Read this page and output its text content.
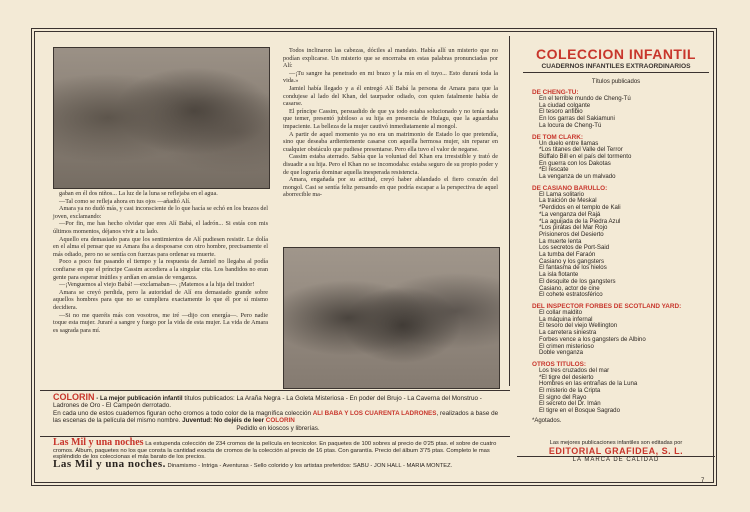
gaban en él dos niños... La luz de la luna se reflejaba en el agua.

—Tal como se refleja ahora en tus ojos —añadió Alí.

Amara ya no dudó más, y casi inconsciente de lo que hacía se echó en los brazos del joven, exclamando:

—Por fin, me has hecho olvidar que eres Alí Babá, el ladrón... Si estás con mis últimos momentos, déjanos vivir a tu lado.

Aquello era demasiado para que los sentimientos de Alí pudiesen resistir. Le dolía en el alma el pensar que su Amara iba a desposarse con otro hombre, precisamente el más odiado, pero no se sentía con fuerzas para ordenar su muerte.

Poco a poco fue pasando el tiempo y la respuesta de Jamiel no llegaba al podía confiarse en que el príncipe Cassim accediera a la singular cita. Los bandidos no eran gente para esperar inútiles y ardían en ansias de venganza.

—¡Venguemos al viejo Babá! —exclamaban—. ¡Matemos a la hija del traidor!

Amara se creyó perdida, pero la autoridad de Alí era demasiado grande sobre aquellos hombres para que no se cumpliera exactamente lo que él por sí mismo decidiera.

—Si no me queréis más con vosotros, me iré —dijo con energía—. Pero nadie toque esta mujer. Juraré a sangre y fuego por la vida de esta mujer. La vida de Amara es sagrada para mí.

Todos inclinaron las cabezas, dóciles al mandato. Había allí un misterio que no podían explicarse. Un misterio que se encerraba en estas palabras pronunciadas por Alí:

—¡Tu sangre ha penetrado en mi brazo y la mía en el tuyo... Esto durará toda la vida.»

Jamiel había llegado y a él entregó Alí Babá la persona de Amara para que la condujese al lado del Khan, del taurpador odiado, con quien fatalmente había de casarse.

El príncipe Cassim, persuadido de que ya todo estaba solucionado y no tenía nada que temer, presentó jubiloso a su hija en presencia de Hulagu, que la aguardaba impaciente. La belleza de la mujer cautivó inmediatamente al mongol.

A partir de aquel momento ya no era un matrimonio de Estado lo que pretendía, sino que deseaba ardientemente casarse con aquella hermosa mujer, sin reparar en cualquier obstáculo que pudiese presentarse. Pero ella tuvo el valor de negarse.

Cassim estaba aterrado. Sabía que la voluntad del Khan era irresistible y trató de disuadir a su hija. Pero el Khan no se incomodaba: estaba seguro de su propio poder y de que lograría dominar aquella inesperada resistencia.

Amara, engañada por su actitud, creyó haber ablandado el fiero corazón del mongol. Casi se sentía feliz pensando en que podría escapar a la perspectiva de aquel aborrecible ma-

COLECCION INFANTIL
CUADERNOS INFANTILES EXTRAORDINARIOS
Títulos publicados
DE CHENG-TU:
En el terrible mundo de Cheng-Tú
La ciudad colgante
El tesoro anfibio
En los garras del Sakiamuni
La locura de Cheng-Tú
DE TOM CLARK:
Un duelo entre llamas
*Los titanes del Valle del Terror
Búffalo Bill en el país del tormento
En guerra con los Dakotas
*El rescate
La venganza de un malvado
DE CASIANO BARULLO:
El Lama solitario
La traición de Meskal
*Perdidos en el templo de Kali
*La venganza del Rajá
*La aguijada de la Piedra Azul
*Los piratas del Mar Rojo
Prisioneros del Desierto
La muerte lenta
Los secretos de Port-Said
La tumba del Faraón
Casiano y los gangsters
El fantasma de los hielos
La isla flotante
El desquite de los gangsters
Casiano, actor de cine
El cohete estratosférico
DEL INSPECTOR FORBES DE SCOTLAND YARD:
El collar maldito
La máquina infernal
El tesoro del viejo Wellington
La carretera siniestra
Forbes vence a los gangsters de Albino
El crimen misterioso
Doble venganza
OTROS TITULOS:
Los tres cruzados del mar
*El tigre del desierto
Hombres en las entrañas de la Luna
El misterio de la Cripta
El signo del Rayo
El secreto del Dr. Imán
El tigre en el Bosque Sagrado
*Agotados.
Las mejores publicaciones infantiles son editadas por
EDITORIAL GRAFIDEA, S. L.
LA MARCA DE CALIDAD
COLORIN - La mejor publicación infantil títulos publicados: La Araña Negra - La Goleta Misteriosa - En poder del Brujo - La Caverna del Monstruo - Ladrones de Oro - El Campeón derrotado.
En cada uno de estos cuadernos figuran ocho cromos a todo color de la magnífica colección ALI BABA Y LOS CUARENTA LADRONES, realizados a base de las escenas de la película del mismo nombre. Juventud: No dejéis de leer COLORIN

Pedidlo en kioscos y librerías.
Las Mil y una noches La estupenda colección de 234 cromos de la película en tecnicolor. En paquetes de 100 sobres al precio de 0'25 ptas. el sobre de cuatro cromos. Álbum, paquetes no los que consta la cantidad exacta de cromos de la colección al precio de 16 ptas. Con garantía. Precio del álbum 3'75 ptas. Completo le mas espléndido de los coleccionas el más barato de los precios.
Las Mil y una noches. Dinamismo - Intriga - Aventuras - Sello colorido y los artistas preferidos: SABU - JON HALL - MARIA MONTEZ.
7
